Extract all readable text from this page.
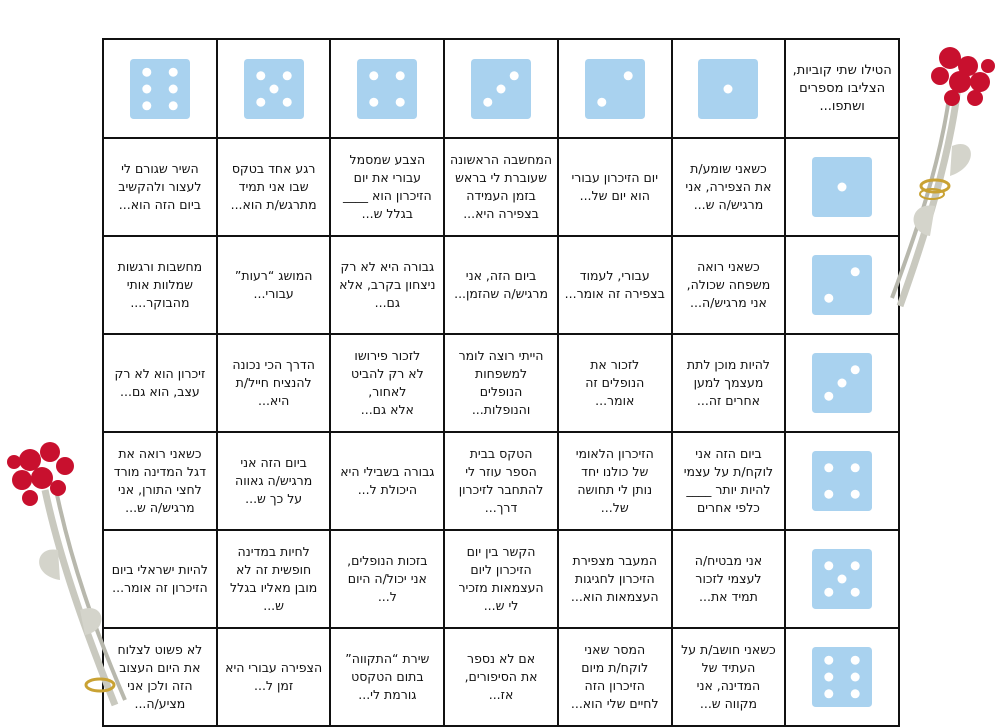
הטילו שתי קוביות,
הצליבו מספרים
ושתפו...

כשאני שומע/ת
את הצפירה, אני
מרגיש/ה ש...	יום הזיכרון עבורי
הוא יום של...	המחשבה הראשונה
שעוברת לי בראש
בזמן העמידה
בצפירה היא...	הצבע שמסמל
עבורי את יום
הזיכרון הוא ____
בגלל ש...	רגע אחד בטקס
שבו אני תמיד
מתרגש/ת הוא...	השיר שגורם לי
לעצור ולהקשיב
ביום הזה הוא...

כשאני רואה
משפחה שכולה,
אני מרגיש/ה...	עבורי, לעמוד
בצפירה זה אומר...	ביום הזה, אני
מרגיש/ה שהזמן...	גבורה היא לא רק
ניצחון בקרב, אלא
גם...	המושג “רעות”
עבורי...	מחשבות ורגשות
שמלוות אותי
מהבוקר....

להיות מוכן לתת
מעצמך למען
אחרים זה...	לזכור את
הנופלים זה
אומר...	הייתי רוצה לומר
למשפחות
הנופלים
והנופלות...	לזכור פירושו
לא רק להביט
לאחור,
אלא גם...	הדרך הכי נכונה
להנציח חייל/ת
היא...	זיכרון הוא לא רק
עצב, הוא גם...

ביום הזה אני
לוקח/ת על עצמי
להיות יותר ____
כלפי אחרים	הזיכרון הלאומי
של כולנו יחד
נותן לי תחושה
של...	הטקס בבית
הספר עוזר לי
להתחבר לזיכרון
דרך...	גבורה בשבילי היא
היכולת ל...	ביום הזה אני
מרגיש/ה גאווה
על כך ש...	כשאני רואה את
דגל המדינה מורד
לחצי התורן, אני
מרגיש/ה ש...

אני מבטיח/ה
לעצמי לזכור
תמיד את...	המעבר מצפירת
הזיכרון לחגיגות
העצמאות הוא...	הקשר בין יום
הזיכרון ליום
העצמאות מזכיר
לי ש...	בזכות הנופלים,
אני יכול/ה היום
ל...	לחיות במדינה
חופשית זה לא
מובן מאליו בגלל
ש...	להיות ישראלי ביום
הזיכרון זה אומר...

כשאני חושב/ת על
העתיד של
המדינה, אני
מקווה ש...	המסר שאני
לוקח/ת מיום
הזיכרון הזה
לחיים שלי הוא...	אם לא נספר
את הסיפורים,
אז...	שירת “התקווה”
בתום הטקסט
גורמת לי...	הצפירה עבורי היא
זמן ל...	לא פשוט לצלוח
את היום העצוב
הזה ולכן אני
מציע/ה...
